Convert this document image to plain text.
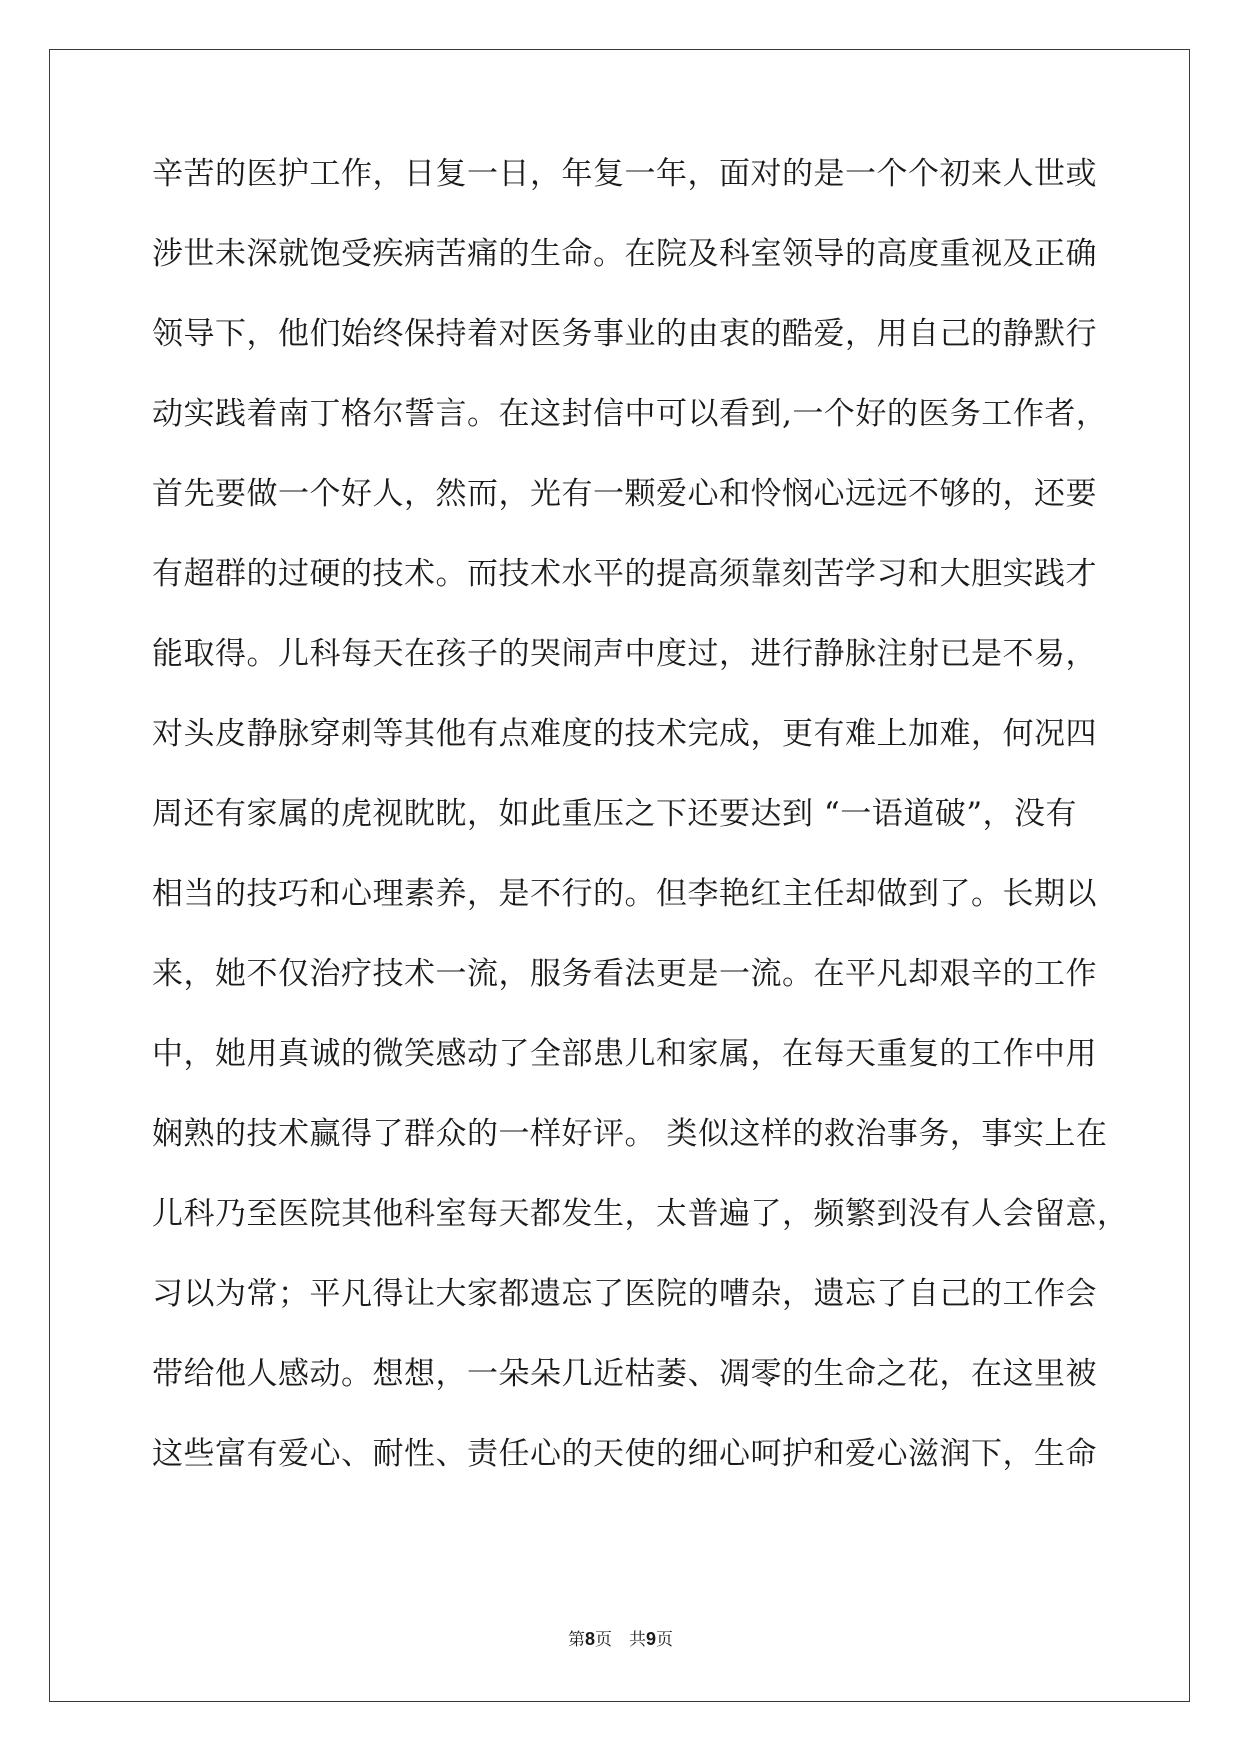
辛苦的医护工作，日复一日，年复一年，面对的是一个个初来人世或
涉世未深就饱受疾病苦痛的生命。在院及科室领导的高度重视及正确
领导下，他们始终保持着对医务事业的由衷的酷爱，用自己的静默行
动实践着南丁格尔誓言。在这封信中可以看到,一个好的医务工作者，
首先要做一个好人，然而，光有一颗爱心和怜悯心远远不够的，还要
有超群的过硬的技术。而技术水平的提高须靠刻苦学习和大胆实践才
能取得。儿科每天在孩子的哭闹声中度过，进行静脉注射已是不易，
对头皮静脉穿刺等其他有点难度的技术完成，更有难上加难，何况四
周还有家属的虎视眈眈，如此重压之下还要达到 “一语道破”，没有
相当的技巧和心理素养，是不行的。但李艳红主任却做到了。长期以
来，她不仅治疗技术一流，服务看法更是一流。在平凡却艰辛的工作
中，她用真诚的微笑感动了全部患儿和家属，在每天重复的工作中用
娴熟的技术赢得了群众的一样好评。 类似这样的救治事务，事实上在
儿科乃至医院其他科室每天都发生，太普遍了，频繁到没有人会留意，
习以为常；平凡得让大家都遗忘了医院的嘈杂，遗忘了自己的工作会
带给他人感动。想想，一朵朵几近枯萎、凋零的生命之花，在这里被
这些富有爱心、耐性、责任心的天使的细心呵护和爱心滋润下，生命
第8页　共9页
